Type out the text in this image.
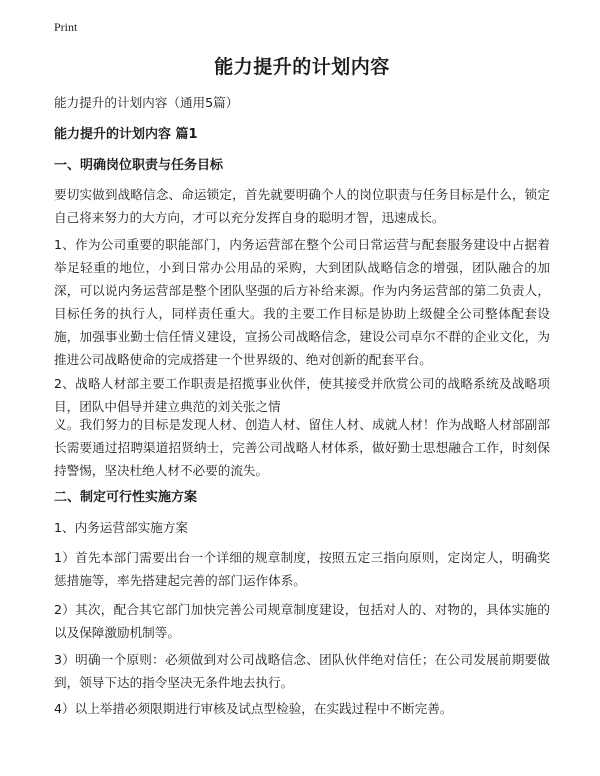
Print
能力提升的计划内容

能力提升的计划内容（通用5篇）

能力提升的计划内容 篇1

一、明确岗位职责与任务目标

要切实做到战略信念、命运锁定，首先就要明确个人的岗位职责与任务目标是什么，锁定自己将来努力的大方向，才可以充分发挥自身的聪明才智，迅速成长。

1、作为公司重要的职能部门，内务运营部在整个公司日常运营与配套服务建设中占据着举足轻重的地位，小到日常办公用品的采购，大到团队战略信念的增强，团队融合的加深，可以说内务运营部是整个团队坚强的后方补给来源。作为内务运营部的第二负责人，目标任务的执行人，同样责任重大。我的主要工作目标是协助上级健全公司整体配套设施，加强事业勤士信任情义建设，宣扬公司战略信念，建设公司卓尔不群的企业文化，为推进公司战略使命的完成搭建一个世界级的、绝对创新的配套平台。

2、战略人材部主要工作职责是招揽事业伙伴，使其接受并欣赏公司的战略系统及战略项目，团队中倡导并建立典范的刘关张之情

义。我们努力的目标是发现人材、创造人材、留住人材、成就人材！作为战略人材部副部长需要通过招聘渠道招贤纳士，完善公司战略人材体系，做好勤士思想融合工作，时刻保持警惕，坚决杜绝人材不必要的流失。

二、制定可行性实施方案

1、内务运营部实施方案

1）首先本部门需要出台一个详细的规章制度，按照五定三指向原则，定岗定人，明确奖惩措施等，率先搭建起完善的部门运作体系。

2）其次，配合其它部门加快完善公司规章制度建设，包括对人的、对物的，具体实施的以及保障激励机制等。

3）明确一个原则：必须做到对公司战略信念、团队伙伴绝对信任；在公司发展前期要做到，领导下达的指令坚决无条件地去执行。

4）以上举措必须限期进行审核及试点型检验，在实践过程中不断完善。
